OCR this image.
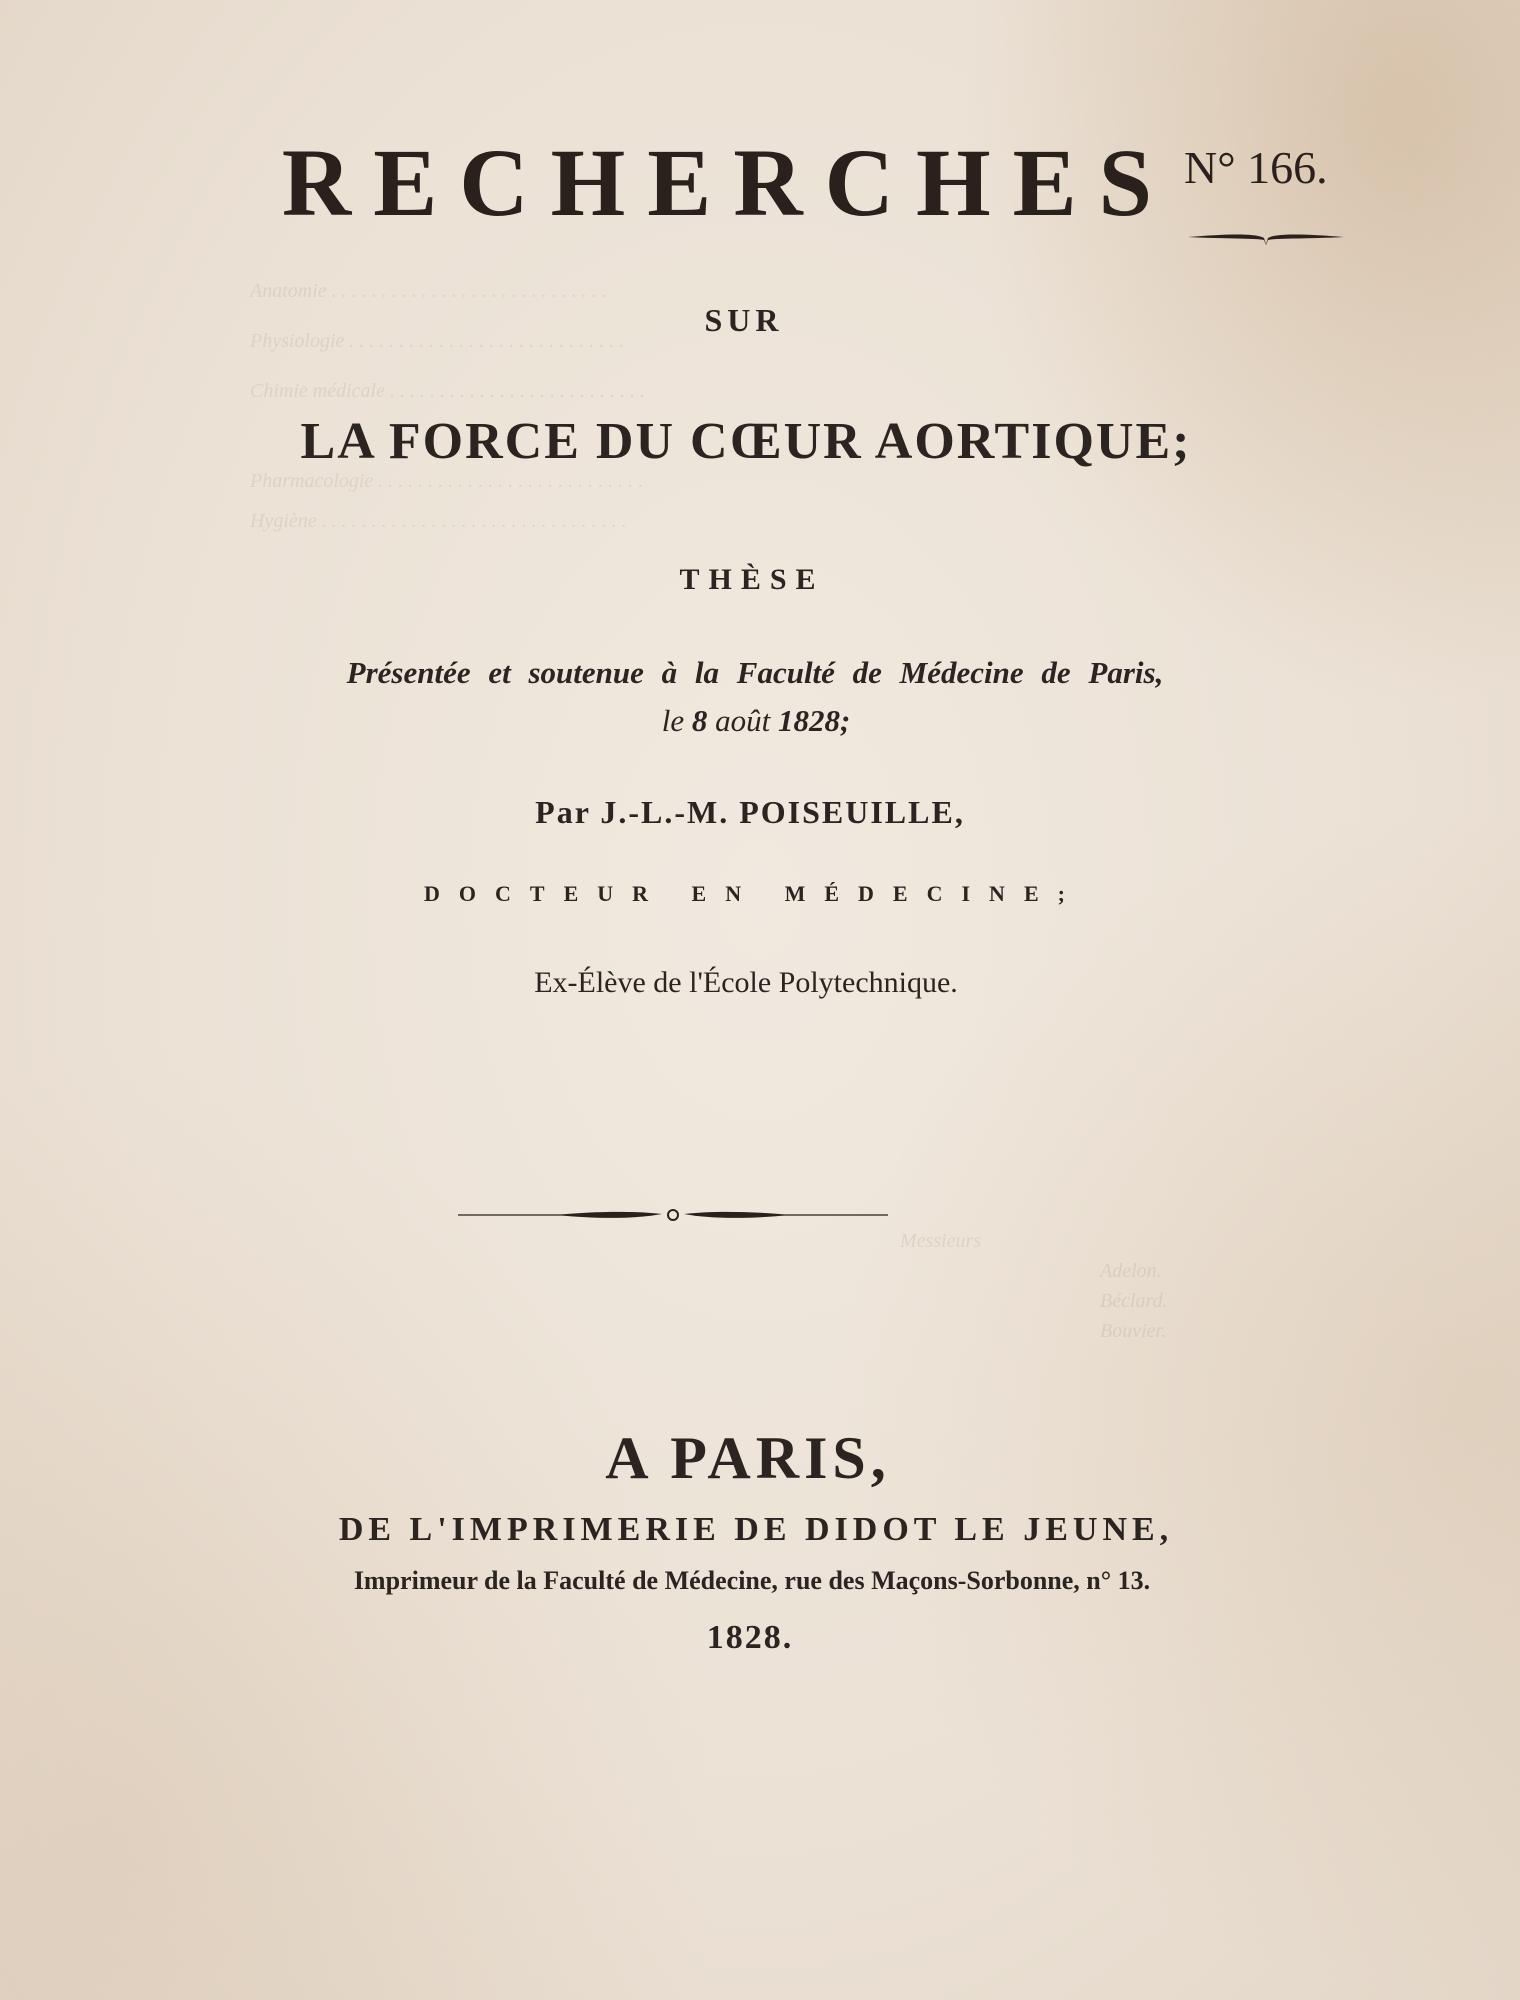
Anatomie . . . . . . . . . . . . . . . . . . . . . . . . . . . .
Physiologie . . . . . . . . . . . . . . . . . . . . . . . . . . . .
Chimie médicale . . . . . . . . . . . . . . . . . . . . . . . . . .
Pharmacologie . . . . . . . . . . . . . . . . . . . . . . . . . . .
Hygiène . . . . . . . . . . . . . . . . . . . . . . . . . . . . . . .
Messieurs
Adelon.
Béclard.
Bouvier.
RECHERCHES N° 166.
SUR
LA FORCE DU CŒUR AORTIQUE;
THÈSE
Présentée et soutenue à la Faculté de Médecine de Paris,
le 8 août 1828;
Par J.-L.-M. POISEUILLE,
DOCTEUR EN MÉDECINE;
Ex-Élève de l'École Polytechnique.
A PARIS,
DE L'IMPRIMERIE DE DIDOT LE JEUNE,
Imprimeur de la Faculté de Médecine, rue des Maçons-Sorbonne, n° 13.
1828.
